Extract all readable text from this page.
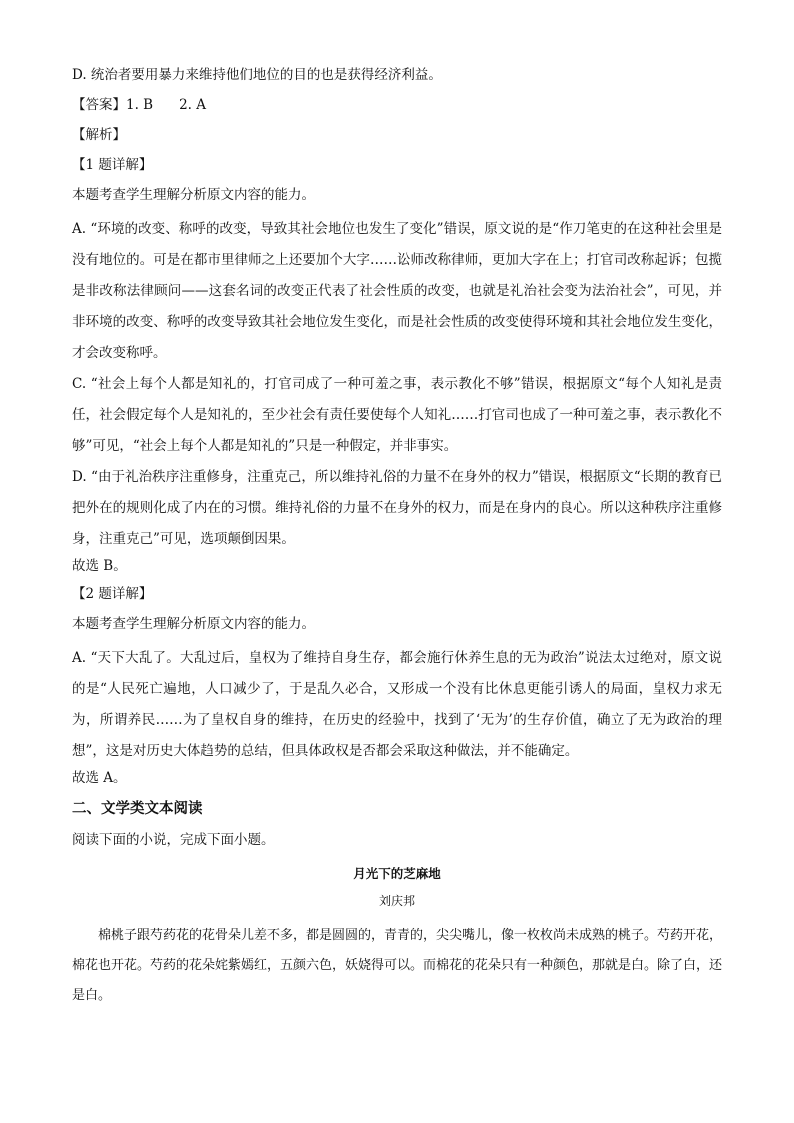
D. 统治者要用暴力来维持他们地位的目的也是获得经济利益。

【答案】1. B 2. A

【解析】

【1 题详解】

本题考查学生理解分析原文内容的能力。

A. “环境的改变、称呼的改变，导致其社会地位也发生了变化”错误，原文说的是“作刀笔吏的在这种社会里是没有地位的。可是在都市里律师之上还要加个大字……讼师改称律师，更加大字在上；打官司改称起诉；包揽是非改称法律顾问——这套名词的改变正代表了社会性质的改变，也就是礼治社会变为法治社会”，可见，并非环境的改变、称呼的改变导致其社会地位发生变化，而是社会性质的改变使得环境和其社会地位发生变化，才会改变称呼。

C. “社会上每个人都是知礼的，打官司成了一种可羞之事，表示教化不够”错误，根据原文“每个人知礼是责任，社会假定每个人是知礼的，至少社会有责任要使每个人知礼……打官司也成了一种可羞之事，表示教化不够”可见，“社会上每个人都是知礼的”只是一种假定，并非事实。

D. “由于礼治秩序注重修身，注重克己，所以维持礼俗的力量不在身外的权力”错误，根据原文“长期的教育已把外在的规则化成了内在的习惯。维持礼俗的力量不在身外的权力，而是在身内的良心。所以这种秩序注重修身，注重克己”可见，选项颠倒因果。

故选 B。

【2 题详解】

本题考查学生理解分析原文内容的能力。

A. “天下大乱了。大乱过后，皇权为了维持自身生存，都会施行休养生息的无为政治”说法太过绝对，原文说的是“人民死亡遍地，人口减少了，于是乱久必合，又形成一个没有比休息更能引诱人的局面，皇权力求无为，所谓养民……为了皇权自身的维持，在历史的经验中，找到了‘无为’的生存价值，确立了无为政治的理想”，这是对历史大体趋势的总结，但具体政权是否都会采取这种做法，并不能确定。

故选 A。

二、文学类文本阅读

阅读下面的小说，完成下面小题。

月光下的芝麻地

刘庆邦

棉桃子跟芍药花的花骨朵儿差不多，都是圆圆的，青青的，尖尖嘴儿，像一枚枚尚未成熟的桃子。芍药开花，棉花也开花。芍药的花朵姹紫嫣红，五颜六色，妖娆得可以。而棉花的花朵只有一种颜色，那就是白。除了白，还是白。
